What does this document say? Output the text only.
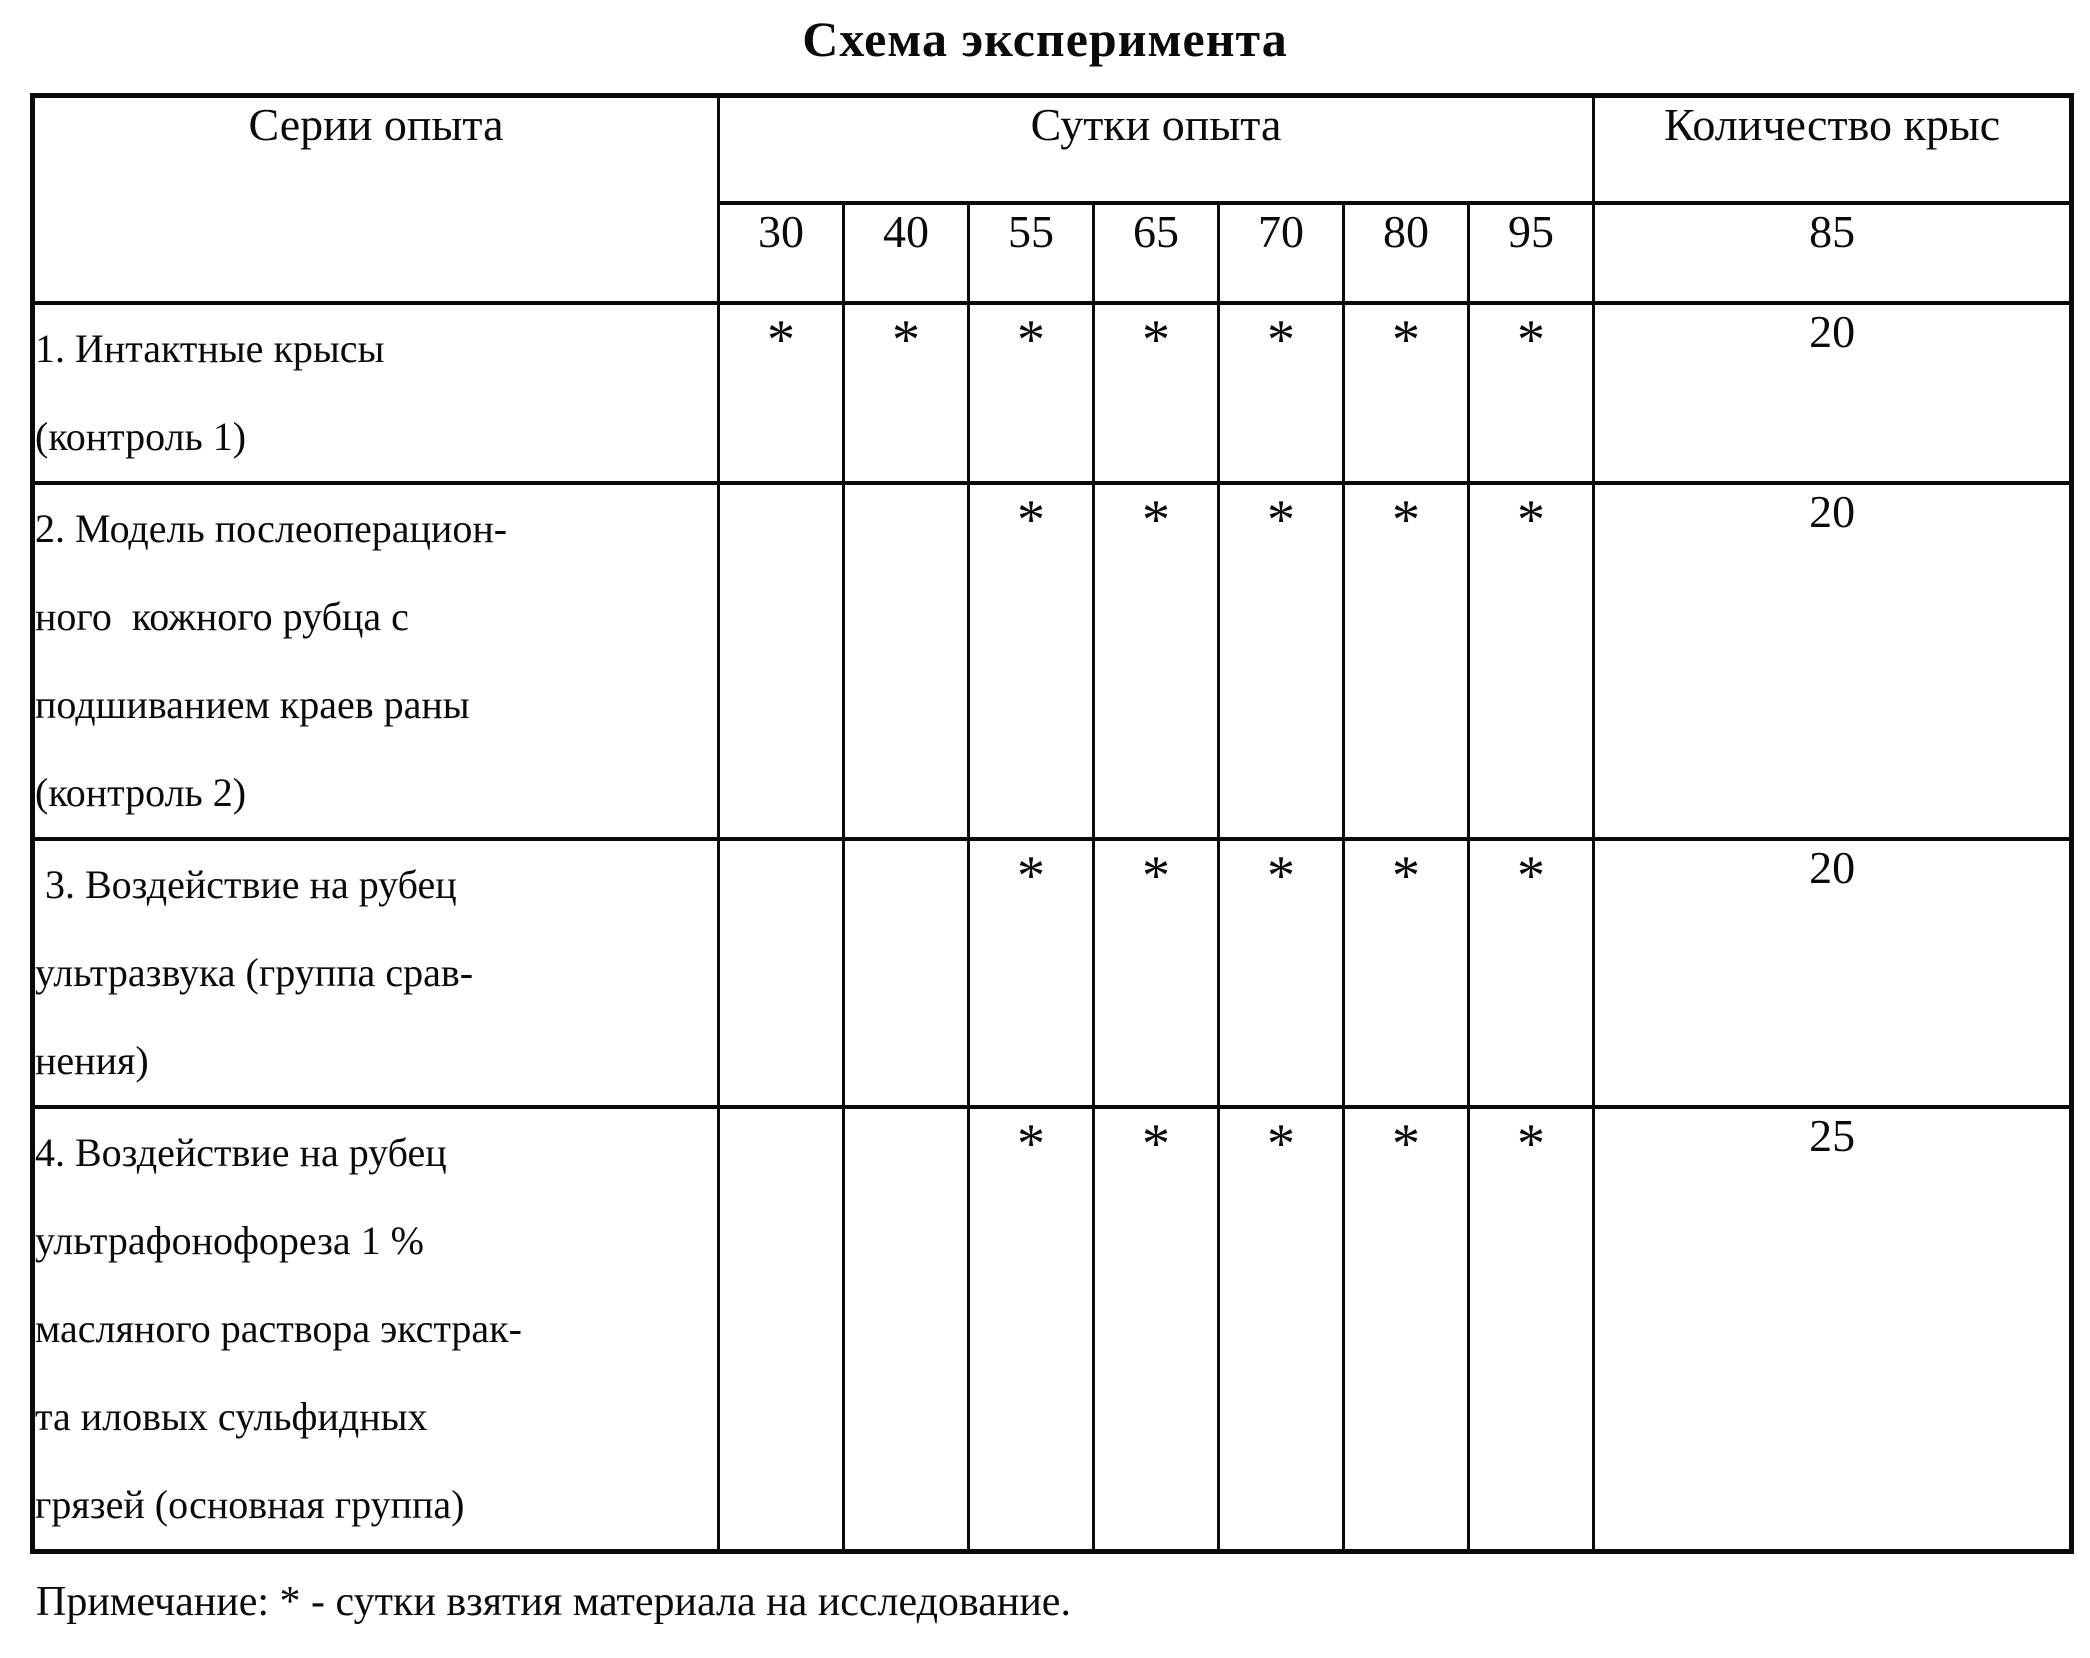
Схема эксперимента
Серии опыта	Сутки опыта							Количество крыс
	30	40	55	65	70	80	95	85
1. Интактные крысы
(контроль 1)	*	*	*	*	*	*	*	20
2. Модель послеоперацион-
ного  кожного рубца с
подшиванием краев раны
(контроль 2)			*	*	*	*	*	20
3. Воздействие на рубец
ультразвука (группа срав-
нения)			*	*	*	*	*	20
4. Воздействие на рубец
ультрафонофореза 1 %
масляного раствора экстрак-
та иловых сульфидных
грязей (основная группа)			*	*	*	*	*	25
Примечание: * - сутки взятия материала на исследование.
